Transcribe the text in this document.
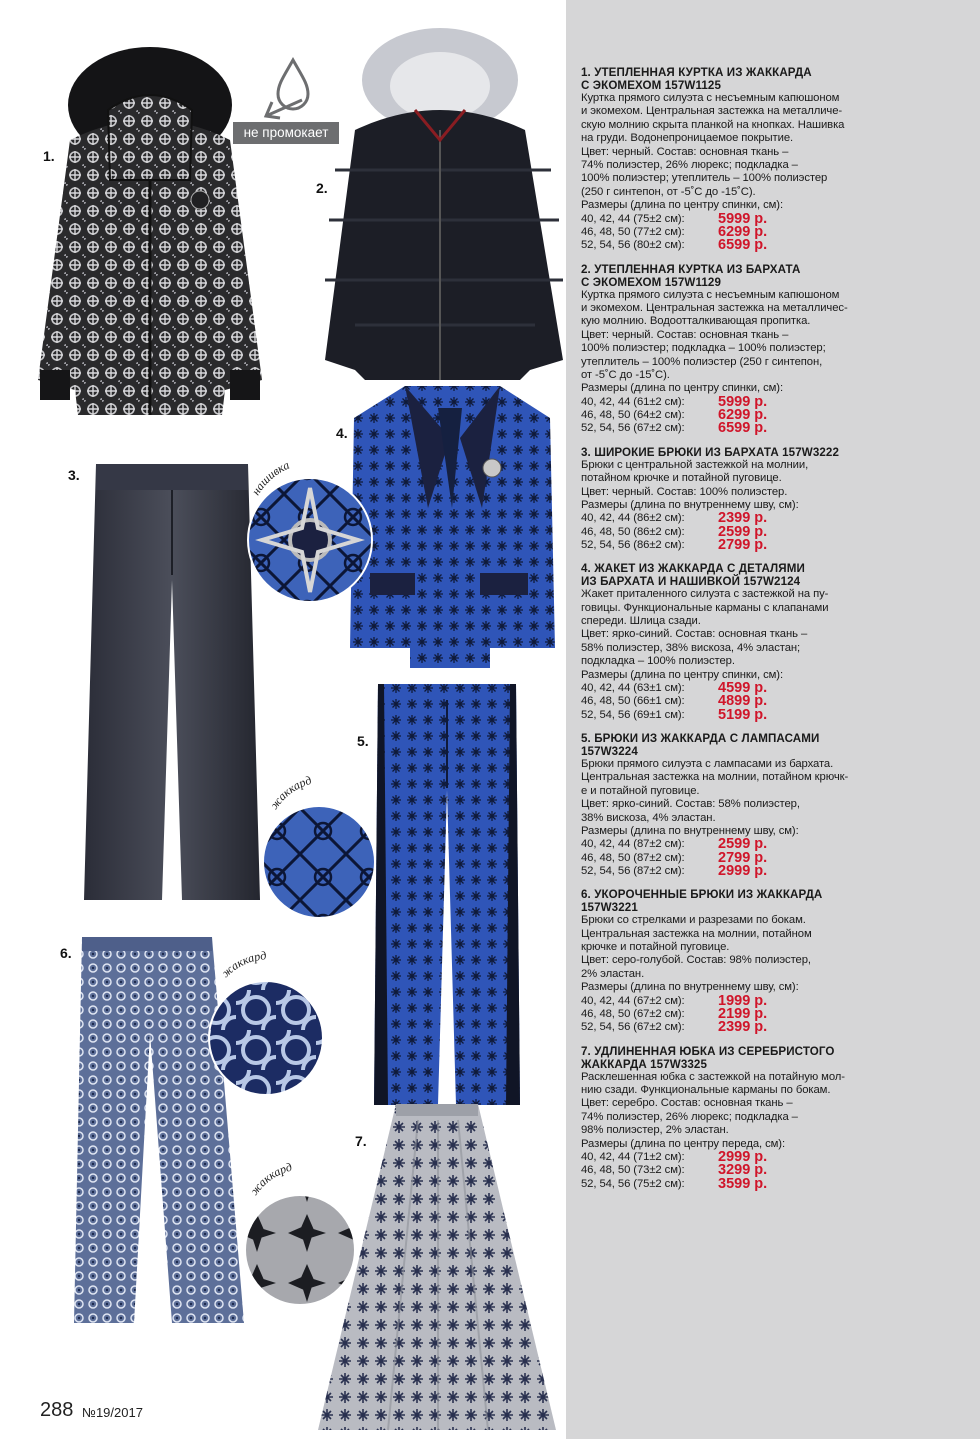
1.
не промокает
2.
3.
4.
нашивка
5.
жаккард
6.
жаккард
7.
жаккард
288 №19/2017
1. УТЕПЛЕННАЯ КУРТКА ИЗ ЖАККАРДА
С ЭКОМЕХОМ 157W1125
Куртка прямого силуэта с несъемным капюшоном
и экомехом. Центральная застежка на металличе-
скую молнию скрыта планкой на кнопках. Нашивка
на груди. Водонепроницаемое покрытие.
Цвет: черный. Состав: основная ткань –
74% полиэстер, 26% люрекс; подкладка –
100% полиэстер; утеплитель – 100% полиэстер
(250 г синтепон, от -5˚С до -15˚С).
Размеры (длина по центру спинки, см):
40, 42, 44 (75±2 см):	5999 р.
46, 48, 50 (77±2 см):	6299 р.
52, 54, 56 (80±2 см):	6599 р.
2. УТЕПЛЕННАЯ КУРТКА ИЗ БАРХАТА
С ЭКОМЕХОМ 157W1129
Куртка прямого силуэта с несъемным капюшоном
и экомехом. Центральная застежка на металличес-
кую молнию. Водоотталкивающая пропитка.
Цвет: черный. Состав: основная ткань –
100% полиэстер; подкладка – 100% полиэстер;
утеплитель – 100% полиэстер (250 г синтепон,
от -5˚С до -15˚С).
Размеры (длина по центру спинки, см):
40, 42, 44 (61±2 см):	5999 р.
46, 48, 50 (64±2 см):	6299 р.
52, 54, 56 (67±2 см):	6599 р.
3. ШИРОКИЕ БРЮКИ ИЗ БАРХАТА 157W3222
Брюки с центральной застежкой на молнии,
потайном крючке и потайной пуговице.
Цвет: черный. Состав: 100% полиэстер.
Размеры (длина по внутреннему шву, см):
40, 42, 44 (86±2 см):	2399 р.
46, 48, 50 (86±2 см):	2599 р.
52, 54, 56 (86±2 см):	2799 р.
4. ЖАКЕТ ИЗ ЖАККАРДА С ДЕТАЛЯМИ
ИЗ БАРХАТА И НАШИВКОЙ 157W2124
Жакет приталенного силуэта с застежкой на пу-
говицы. Функциональные карманы с клапанами
спереди. Шлица сзади.
Цвет: ярко-синий. Состав: основная ткань –
58% полиэстер, 38% вискоза, 4% эластан;
подкладка – 100% полиэстер.
Размеры (длина по центру спинки, см):
40, 42, 44 (63±1 см):	4599 р.
46, 48, 50 (66±1 см):	4899 р.
52, 54, 56 (69±1 см):	5199 р.
5. БРЮКИ ИЗ ЖАККАРДА С ЛАМПАСАМИ
157W3224
Брюки прямого силуэта с лампасами из бархата.
Центральная застежка на молнии, потайном крючк-
е и потайной пуговице.
Цвет: ярко-синий. Состав: 58% полиэстер,
38% вискоза, 4% эластан.
Размеры (длина по внутреннему шву, см):
40, 42, 44 (87±2 см):	2599 р.
46, 48, 50 (87±2 см):	2799 р.
52, 54, 56 (87±2 см):	2999 р.
6. УКОРОЧЕННЫЕ БРЮКИ ИЗ ЖАККАРДА
157W3221
Брюки со стрелками и разрезами по бокам.
Центральная застежка на молнии, потайном
крючке и потайной пуговице.
Цвет: серо-голубой. Состав: 98% полиэстер,
2% эластан.
Размеры (длина по внутреннему шву, см):
40, 42, 44 (67±2 см):	1999 р.
46, 48, 50 (67±2 см):	2199 р.
52, 54, 56 (67±2 см):	2399 р.
7. УДЛИНЕННАЯ ЮБКА ИЗ СЕРЕБРИСТОГО
ЖАККАРДА 157W3325
Расклешенная юбка с застежкой на потайную мол-
нию сзади. Функциональные карманы по бокам.
Цвет: серебро. Состав: основная ткань –
74% полиэстер, 26% люрекс; подкладка –
98% полиэстер, 2% эластан.
Размеры (длина по центру переда, см):
40, 42, 44 (71±2 см):	2999 р.
46, 48, 50 (73±2 см):	3299 р.
52, 54, 56 (75±2 см):	3599 р.
